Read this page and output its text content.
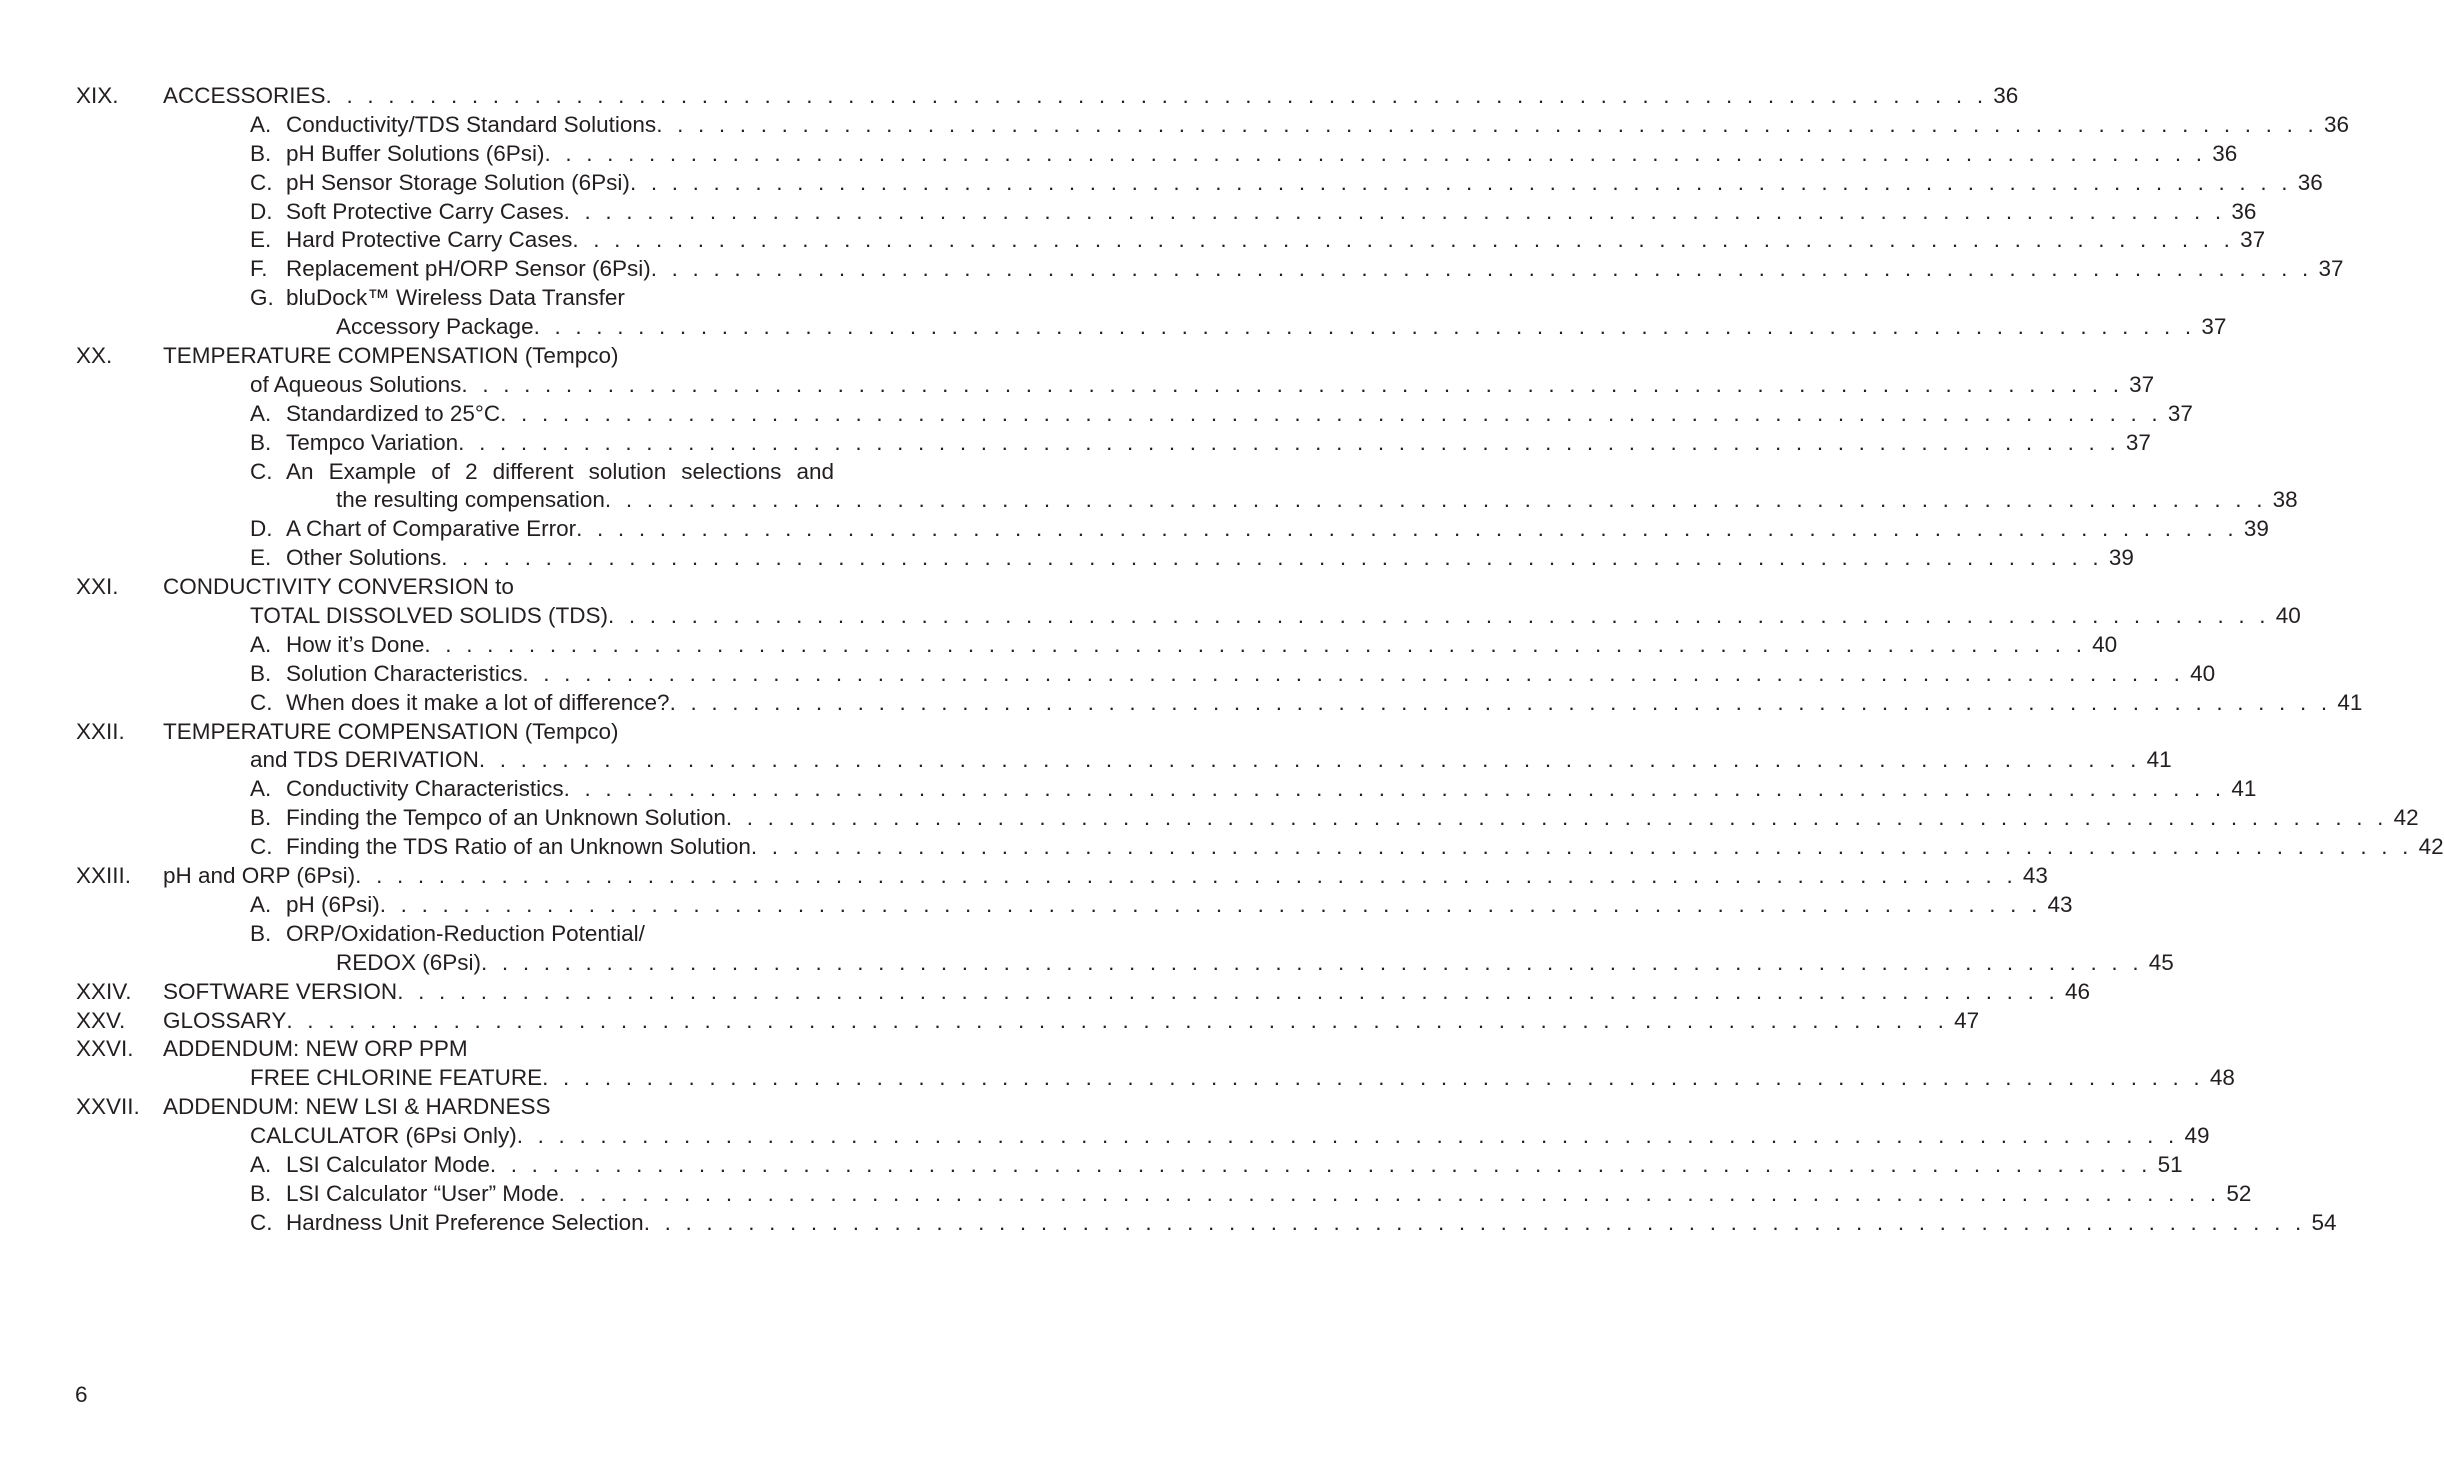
XIX. ACCESSORIES . . . . . . . . . . . . . . . . . . . . . . . . . . . . . . . . . . . . . . . . . . . . . . . . . . . . . . . . . . . . . . . . . . . . . . . . . . . . . . . . 36
A. Conductivity/TDS Standard Solutions . . . . . . . . . . . . . . . . . . . . . . . . . . . . . . . . . . . . . . . . . . . . . . . . . . . . . . . . . . . . . . . . . . . . . . . . . . . . . . . . 36
B. pH Buffer Solutions (6Psi) . . . . . . . . . . . . . . . . . . . . . . . . . . . . . . . . . . . . . . . . . . . . . . . . . . . . . . . . . . . . . . . . . . . . . . . . . . . . . . . . 36
C. pH Sensor Storage Solution (6Psi) . . . . . . . . . . . . . . . . . . . . . . . . . . . . . . . . . . . . . . . . . . . . . . . . . . . . . . . . . . . . . . . . . . . . . . . . . . . . . . . . 36
D. Soft Protective Carry Cases . . . . . . . . . . . . . . . . . . . . . . . . . . . . . . . . . . . . . . . . . . . . . . . . . . . . . . . . . . . . . . . . . . . . . . . . . . . . . . . . 36
E. Hard Protective Carry Cases . . . . . . . . . . . . . . . . . . . . . . . . . . . . . . . . . . . . . . . . . . . . . . . . . . . . . . . . . . . . . . . . . . . . . . . . . . . . . . . . 37
F. Replacement pH/ORP Sensor (6Psi) . . . . . . . . . . . . . . . . . . . . . . . . . . . . . . . . . . . . . . . . . . . . . . . . . . . . . . . . . . . . . . . . . . . . . . . . . . . . . . . . 37
G. bluDock™ Wireless Data Transfer
Accessory Package . . . . . . . . . . . . . . . . . . . . . . . . . . . . . . . . . . . . . . . . . . . . . . . . . . . . . . . . . . . . . . . . . . . . . . . . . . . . . . . . 37
XX. TEMPERATURE COMPENSATION (Tempco)
of Aqueous Solutions . . . . . . . . . . . . . . . . . . . . . . . . . . . . . . . . . . . . . . . . . . . . . . . . . . . . . . . . . . . . . . . . . . . . . . . . . . . . . . . . 37
A. Standardized to 25°C . . . . . . . . . . . . . . . . . . . . . . . . . . . . . . . . . . . . . . . . . . . . . . . . . . . . . . . . . . . . . . . . . . . . . . . . . . . . . . . . 37
B. Tempco Variation . . . . . . . . . . . . . . . . . . . . . . . . . . . . . . . . . . . . . . . . . . . . . . . . . . . . . . . . . . . . . . . . . . . . . . . . . . . . . . . . 37
C. An Example of 2 different solution selections and
the resulting compensation . . . . . . . . . . . . . . . . . . . . . . . . . . . . . . . . . . . . . . . . . . . . . . . . . . . . . . . . . . . . . . . . . . . . . . . . . . . . . . . . 38
D. A Chart of Comparative Error . . . . . . . . . . . . . . . . . . . . . . . . . . . . . . . . . . . . . . . . . . . . . . . . . . . . . . . . . . . . . . . . . . . . . . . . . . . . . . . . 39
E. Other Solutions . . . . . . . . . . . . . . . . . . . . . . . . . . . . . . . . . . . . . . . . . . . . . . . . . . . . . . . . . . . . . . . . . . . . . . . . . . . . . . . . 39
XXI. CONDUCTIVITY CONVERSION to
TOTAL DISSOLVED SOLIDS (TDS) . . . . . . . . . . . . . . . . . . . . . . . . . . . . . . . . . . . . . . . . . . . . . . . . . . . . . . . . . . . . . . . . . . . . . . . . . . . . . . . . 40
A. How it’s Done . . . . . . . . . . . . . . . . . . . . . . . . . . . . . . . . . . . . . . . . . . . . . . . . . . . . . . . . . . . . . . . . . . . . . . . . . . . . . . . . 40
B. Solution Characteristics . . . . . . . . . . . . . . . . . . . . . . . . . . . . . . . . . . . . . . . . . . . . . . . . . . . . . . . . . . . . . . . . . . . . . . . . . . . . . . . . 40
C. When does it make a lot of difference? . . . . . . . . . . . . . . . . . . . . . . . . . . . . . . . . . . . . . . . . . . . . . . . . . . . . . . . . . . . . . . . . . . . . . . . . . . . . . . . . 41
XXII. TEMPERATURE COMPENSATION (Tempco)
and TDS DERIVATION . . . . . . . . . . . . . . . . . . . . . . . . . . . . . . . . . . . . . . . . . . . . . . . . . . . . . . . . . . . . . . . . . . . . . . . . . . . . . . . . 41
A. Conductivity Characteristics . . . . . . . . . . . . . . . . . . . . . . . . . . . . . . . . . . . . . . . . . . . . . . . . . . . . . . . . . . . . . . . . . . . . . . . . . . . . . . . . 41
B. Finding the Tempco of an Unknown Solution . . . . . . . . . . . . . . . . . . . . . . . . . . . . . . . . . . . . . . . . . . . . . . . . . . . . . . . . . . . . . . . . . . . . . . . . . . . . . . . . 42
C. Finding the TDS Ratio of an Unknown Solution . . . . . . . . . . . . . . . . . . . . . . . . . . . . . . . . . . . . . . . . . . . . . . . . . . . . . . . . . . . . . . . . . . . . . . . . . . . . . . . . 42
XXIII. pH and ORP (6Psi) . . . . . . . . . . . . . . . . . . . . . . . . . . . . . . . . . . . . . . . . . . . . . . . . . . . . . . . . . . . . . . . . . . . . . . . . . . . . . . . . 43
A. pH (6Psi) . . . . . . . . . . . . . . . . . . . . . . . . . . . . . . . . . . . . . . . . . . . . . . . . . . . . . . . . . . . . . . . . . . . . . . . . . . . . . . . . 43
B. ORP/Oxidation-Reduction Potential/
REDOX (6Psi) . . . . . . . . . . . . . . . . . . . . . . . . . . . . . . . . . . . . . . . . . . . . . . . . . . . . . . . . . . . . . . . . . . . . . . . . . . . . . . . . 45
XXIV. SOFTWARE VERSION . . . . . . . . . . . . . . . . . . . . . . . . . . . . . . . . . . . . . . . . . . . . . . . . . . . . . . . . . . . . . . . . . . . . . . . . . . . . . . . . 46
XXV. GLOSSARY . . . . . . . . . . . . . . . . . . . . . . . . . . . . . . . . . . . . . . . . . . . . . . . . . . . . . . . . . . . . . . . . . . . . . . . . . . . . . . . . 47
XXVI. ADDENDUM: NEW ORP PPM
FREE CHLORINE FEATURE . . . . . . . . . . . . . . . . . . . . . . . . . . . . . . . . . . . . . . . . . . . . . . . . . . . . . . . . . . . . . . . . . . . . . . . . . . . . . . . . 48
XXVII. ADDENDUM: NEW LSI & HARDNESS
CALCULATOR (6Psi Only) . . . . . . . . . . . . . . . . . . . . . . . . . . . . . . . . . . . . . . . . . . . . . . . . . . . . . . . . . . . . . . . . . . . . . . . . . . . . . . . . 49
A. LSI Calculator Mode . . . . . . . . . . . . . . . . . . . . . . . . . . . . . . . . . . . . . . . . . . . . . . . . . . . . . . . . . . . . . . . . . . . . . . . . . . . . . . . . 51
B. LSI Calculator “User” Mode . . . . . . . . . . . . . . . . . . . . . . . . . . . . . . . . . . . . . . . . . . . . . . . . . . . . . . . . . . . . . . . . . . . . . . . . . . . . . . . . 52
C. Hardness Unit Preference Selection . . . . . . . . . . . . . . . . . . . . . . . . . . . . . . . . . . . . . . . . . . . . . . . . . . . . . . . . . . . . . . . . . . . . . . . . . . . . . . . . 54
6
